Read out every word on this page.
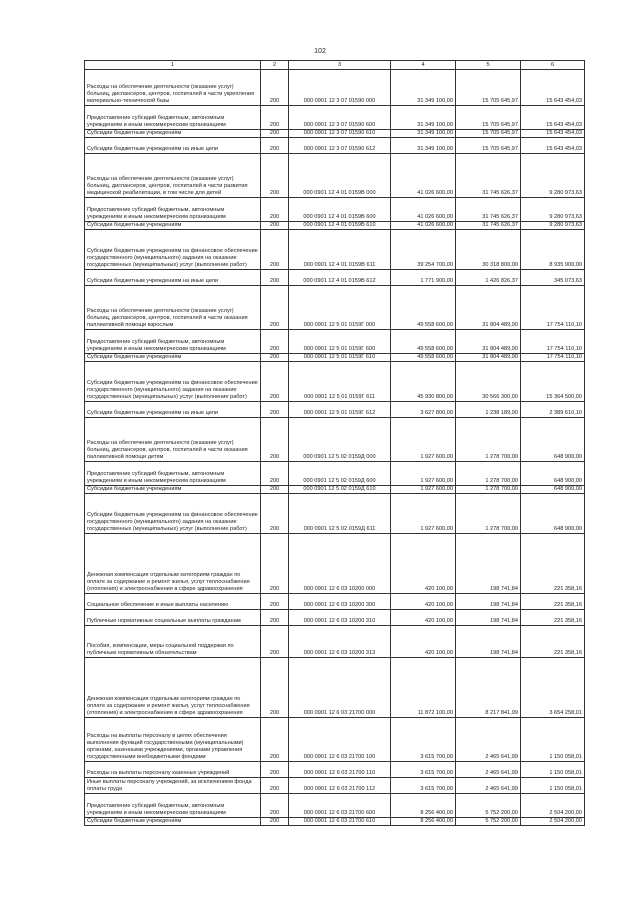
102
1	2	3	4	5	6
Расходы на обеспечение деятельности (оказание услуг) больниц, диспансеров, центров, госпиталей в части укрепления материально-технической базы	200	000 0901 12 3 07 01590 000	31 349 100,00	15 705 645,97	15 643 454,03
Предоставление субсидий бюджетным, автономным учреждениям и иным некоммерческим организациям	200	000 0901 12 3 07 01590 600	31 349 100,00	15 705 645,97	15 643 454,03
Субсидии бюджетным учреждениям	200	000 0901 12 3 07 01590 610	31 349 100,00	15 705 645,97	15 643 454,03
Субсидии бюджетным учреждениям на иные цели	200	000 0901 12 3 07 01590 612	31 349 100,00	15 705 645,97	15 643 454,03
Расходы на обеспечение деятельности (оказание услуг) больниц, диспансеров, центров, госпиталей в части развития медицинской реабилитации, в том числе для детей	200	000 0901 12 4 01 0159В 000	41 026 600,00	31 745 626,37	9 280 973,63
Предоставление субсидий бюджетным, автономным учреждениям и иным некоммерческим организациям	200	000 0901 12 4 01 0159В 600	41 026 600,00	31 745 626,37	9 280 973,63
Субсидии бюджетным учреждениям	200	000 0901 12 4 01 0159В 610	41 026 600,00	31 745 626,37	9 280 973,63
Субсидии бюджетным учреждениям на финансовое обеспечение государственного (муниципального) задания на оказание государственных (муниципальных) услуг (выполнение работ)	200	000 0901 12 4 01 0159В 611	39 254 700,00	30 318 800,00	8 935 900,00
Субсидии бюджетным учреждениям на иные цели	200	000 0901 12 4 01 0159В 612	1 771 900,00	1 426 826,37	345 073,63
Расходы на обеспечение деятельности (оказание услуг) больниц, диспансеров, центров, госпиталей в части оказания паллиативной помощи взрослым	200	000 0901 12 5 01 0159Г 000	49 558 600,00	31 804 489,90	17 754 110,10
Предоставление субсидий бюджетным, автономным учреждениям и иным некоммерческим организациям	200	000 0901 12 5 01 0159Г 600	49 558 600,00	31 804 489,90	17 754 110,10
Субсидии бюджетным учреждениям	200	000 0901 12 5 01 0159Г 610	49 558 600,00	31 804 489,90	17 754 110,10
Субсидии бюджетным учреждениям на финансовое обеспечение государственного (муниципального) задания на оказание государственных (муниципальных) услуг (выполнение работ)	200	000 0901 12 5 01 0159Г 611	45 930 800,00	30 566 300,00	15 364 500,00
Субсидии бюджетным учреждениям на иные цели	200	000 0901 12 5 01 0159Г 612	3 627 800,00	1 238 189,90	2 389 610,10
Расходы на обеспечение деятельности (оказание услуг) больниц, диспансеров, центров, госпиталей в части оказания паллиативной помощи детям	200	000 0901 12 5 02 0159Д 000	1 927 600,00	1 278 700,00	648 900,00
Предоставление субсидий бюджетным, автономным учреждениям и иным некоммерческим организациям	200	000 0901 12 5 02 0159Д 600	1 927 600,00	1 278 700,00	648 900,00
Субсидии бюджетным учреждениям	200	000 0901 12 5 02 0159Д 610	1 927 600,00	1 278 700,00	648 900,00
Субсидии бюджетным учреждениям на финансовое обеспечение государственного (муниципального) задания на оказание государственных (муниципальных) услуг (выполнение работ)	200	000 0901 12 5 02 0159Д 611	1 927 600,00	1 278 700,00	648 900,00
Денежная компенсация отдельным категориям граждан по оплате за содержание и ремонт жилья, услуг теплоснабжения (отопления) и электроснабжения в сфере здравоохранения	200	000 0901 12 6 03 10200 000	420 100,00	198 741,84	221 358,16
Социальное обеспечение и иные выплаты населению	200	000 0901 12 6 03 10200 300	420 100,00	198 741,84	221 358,16
Публичные нормативные социальные выплаты гражданам	200	000 0901 12 6 03 10200 310	420 100,00	198 741,84	221 358,16
Пособия, компенсации, меры социальной поддержки по публичным нормативным обязательствам	200	000 0901 12 6 03 10200 313	420 100,00	198 741,84	221 358,16
Денежная компенсация отдельным категориям граждан по оплате за содержание и ремонт жилья, услуг теплоснабжения (отопления) и электроснабжения в сфере здравоохранения	200	000 0901 12 6 03 21700 000	11 872 100,00	8 217 841,99	3 654 258,01
Расходы на выплаты персоналу в целях обеспечения выполнения функций государственными (муниципальными) органами, казенными учреждениями, органами управления государственными внебюджетными фондами	200	000 0901 12 6 03 21700 100	3 615 700,00	2 465 641,99	1 150 058,01
Расходы на выплаты персоналу казенных учреждений	200	000 0901 12 6 03 21700 110	3 615 700,00	2 465 641,99	1 150 058,01
Иные выплаты персоналу учреждений, за исключением фонда оплаты труда	200	000 0901 12 6 03 21700 112	3 615 700,00	2 465 641,99	1 150 058,01
Предоставление субсидий бюджетным, автономным учреждениям и иным некоммерческим организациям	200	000 0901 12 6 03 21700 600	8 256 400,00	5 752 200,00	2 504 200,00
Субсидии бюджетным учреждениям	200	000 0901 12 6 03 21700 610	8 256 400,00	5 752 200,00	2 504 200,00
